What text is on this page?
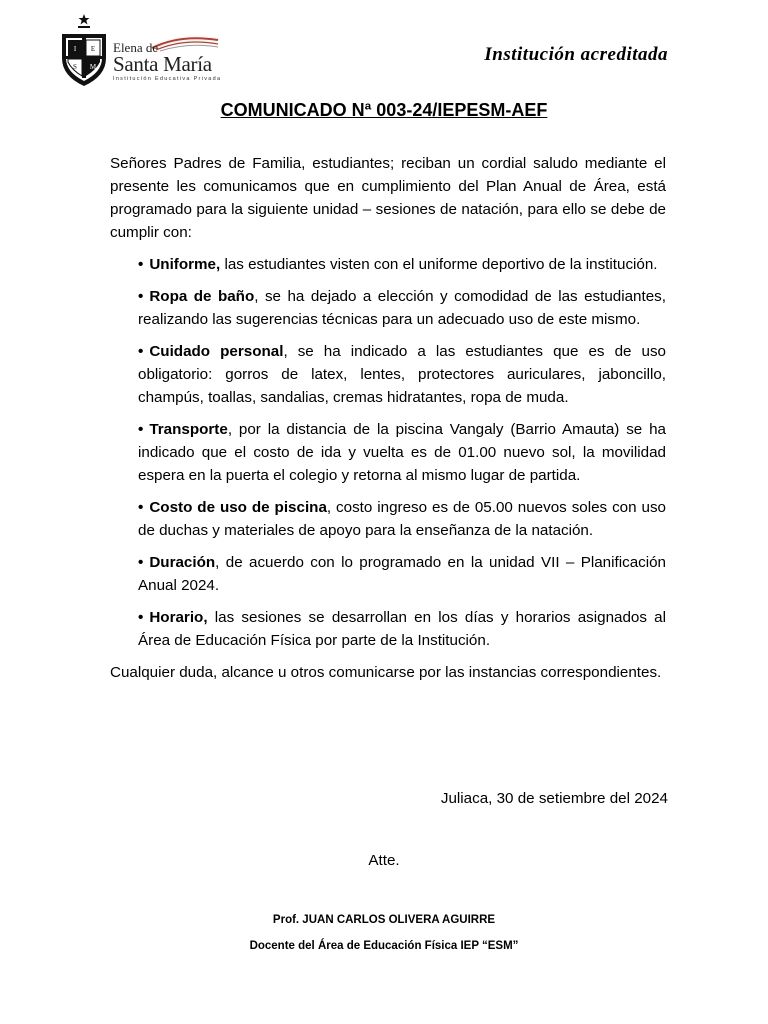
I E
S M
Elena de
Santa María
Institución Educativa Privada
Institución acreditada
COMUNICADO Nª 003-24/IEPESM-AEF

Señores Padres de Familia, estudiantes; reciban un cordial saludo mediante el presente les comunicamos que en cumplimiento del Plan Anual de Área, está programado para la siguiente unidad – sesiones de natación, para ello se debe de cumplir con:

• Uniforme, las estudiantes visten con el uniforme deportivo de la institución.
• Ropa de baño, se ha dejado a elección y comodidad de las estudiantes, realizando las sugerencias técnicas para un adecuado uso de este mismo.
• Cuidado personal, se ha indicado a las estudiantes que es de uso obligatorio: gorros de latex, lentes, protectores auriculares, jaboncillo, champús, toallas, sandalias, cremas hidratantes, ropa de muda.
• Transporte, por la distancia de la piscina Vangaly (Barrio Amauta) se ha indicado que el costo de ida y vuelta es de 01.00 nuevo sol, la movilidad espera en la puerta el colegio y retorna al mismo lugar de partida.
• Costo de uso de piscina, costo ingreso es de 05.00 nuevos soles con uso de duchas y materiales de apoyo para la enseñanza de la natación.
• Duración, de acuerdo con lo programado en la unidad VII – Planificación Anual 2024.
• Horario, las sesiones se desarrollan en los días y horarios asignados al Área de Educación Física por parte de la Institución.

Cualquier duda, alcance u otros comunicarse por las instancias correspondientes.

Juliaca, 30 de setiembre del 2024
Atte.
Prof. JUAN CARLOS OLIVERA AGUIRRE
Docente del Área de Educación Física IEP “ESM”
